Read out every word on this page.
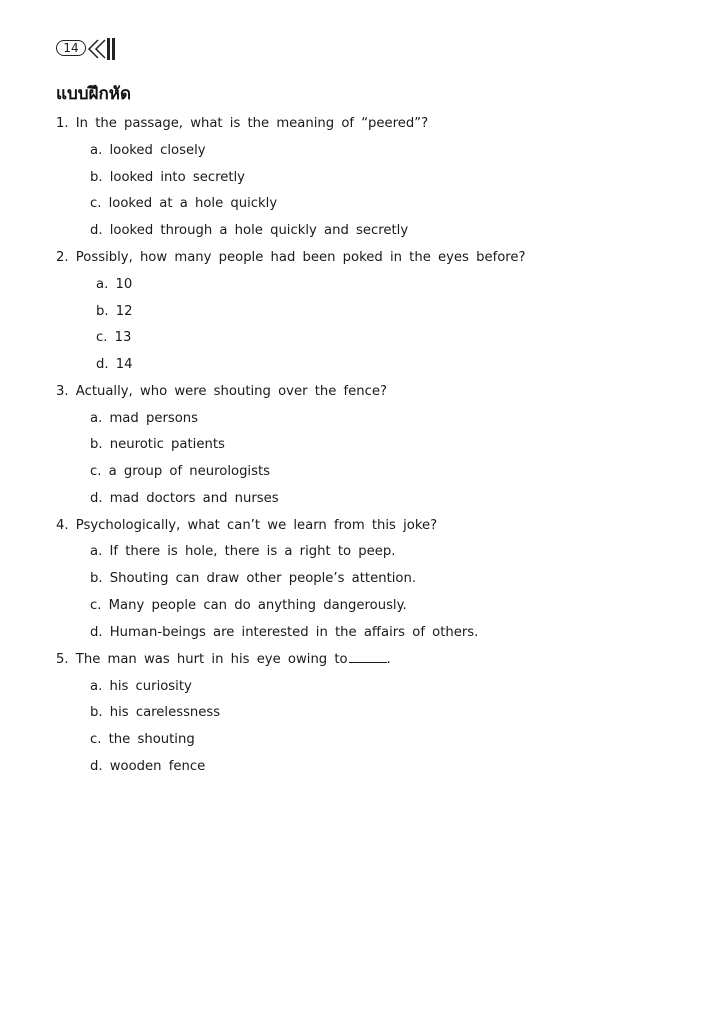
14
แบบฝึกหัด
1. In the passage, what is the meaning of “peered”?
a. looked closely
b. looked into secretly
c. looked at a hole quickly
d. looked through a hole quickly and secretly
2. Possibly, how many people had been poked in the eyes before?
a. 10
b. 12
c. 13
d. 14
3. Actually, who were shouting over the fence?
a. mad persons
b. neurotic patients
c. a group of neurologists
d. mad doctors and nurses
4. Psychologically, what can’t we learn from this joke?
a. If there is hole, there is a right to peep.
b. Shouting can draw other people’s attention.
c. Many people can do anything dangerously.
d. Human-beings are interested in the affairs of others.
5. The man was hurt in his eye owing to	.
a. his curiosity
b. his carelessness
c. the shouting
d. wooden fence
